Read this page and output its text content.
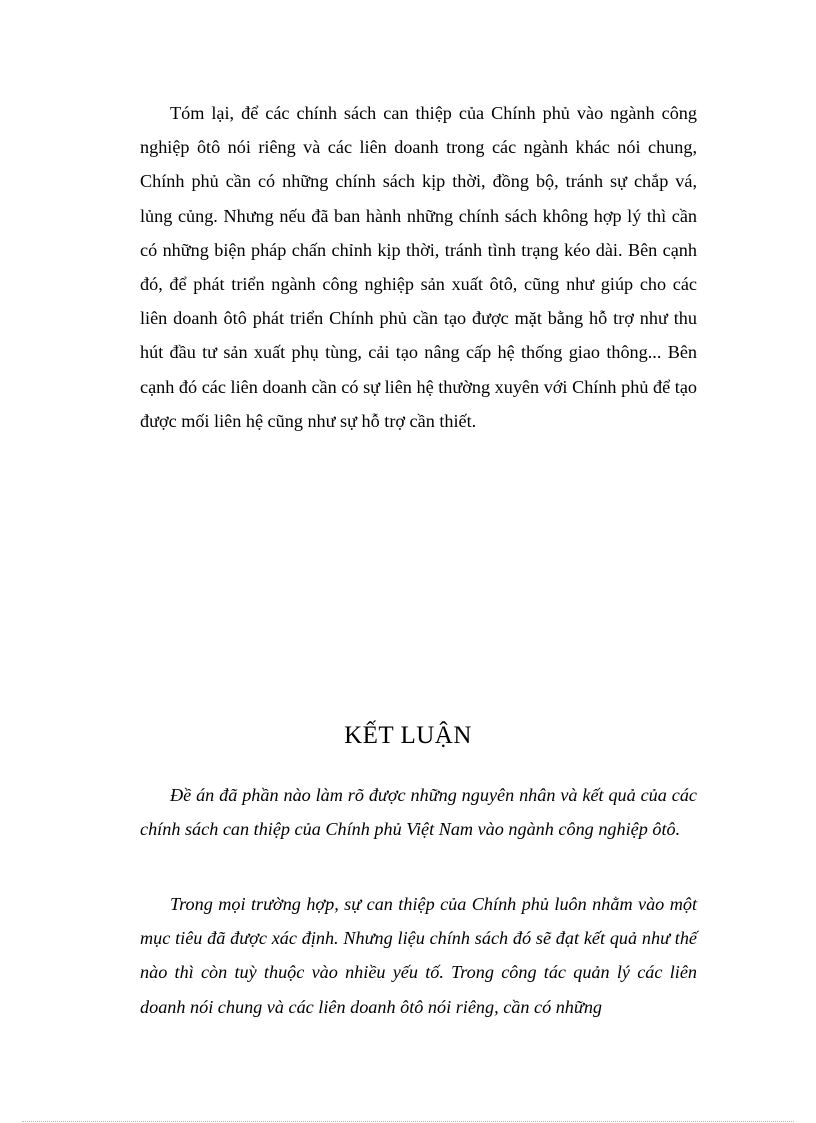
Tóm lại, để các chính sách can thiệp của Chính phủ vào ngành công nghiệp ôtô nói riêng và các liên doanh trong các ngành khác nói chung, Chính phủ cần có những chính sách kịp thời, đồng bộ, tránh sự chắp vá, lủng củng. Nhưng nếu đã ban hành những chính sách không hợp lý thì cần có những biện pháp chấn chỉnh kịp thời, tránh tình trạng kéo dài. Bên cạnh đó, để phát triển ngành công nghiệp sản xuất ôtô, cũng như giúp cho các liên doanh ôtô phát triển Chính phủ cần tạo được mặt bằng hỗ trợ như thu hút đầu tư sản xuất phụ tùng, cải tạo nâng cấp hệ thống giao thông... Bên cạnh đó các liên doanh cần có sự liên hệ thường xuyên với Chính phủ để tạo được mối liên hệ cũng như sự hỗ trợ cần thiết.

KẾT LUẬN

Đề án đã phần nào làm rõ được những nguyên nhân và kết quả của các chính sách can thiệp của Chính phủ Việt Nam vào ngành công nghiệp ôtô.

Trong mọi trường hợp, sự can thiệp của Chính phủ luôn nhằm vào một mục tiêu đã được xác định. Nhưng liệu chính sách đó sẽ đạt kết quả như thế nào thì còn tuỳ thuộc vào nhiều yếu tố. Trong công tác quản lý các liên doanh nói chung và các liên doanh ôtô nói riêng, cần có những
